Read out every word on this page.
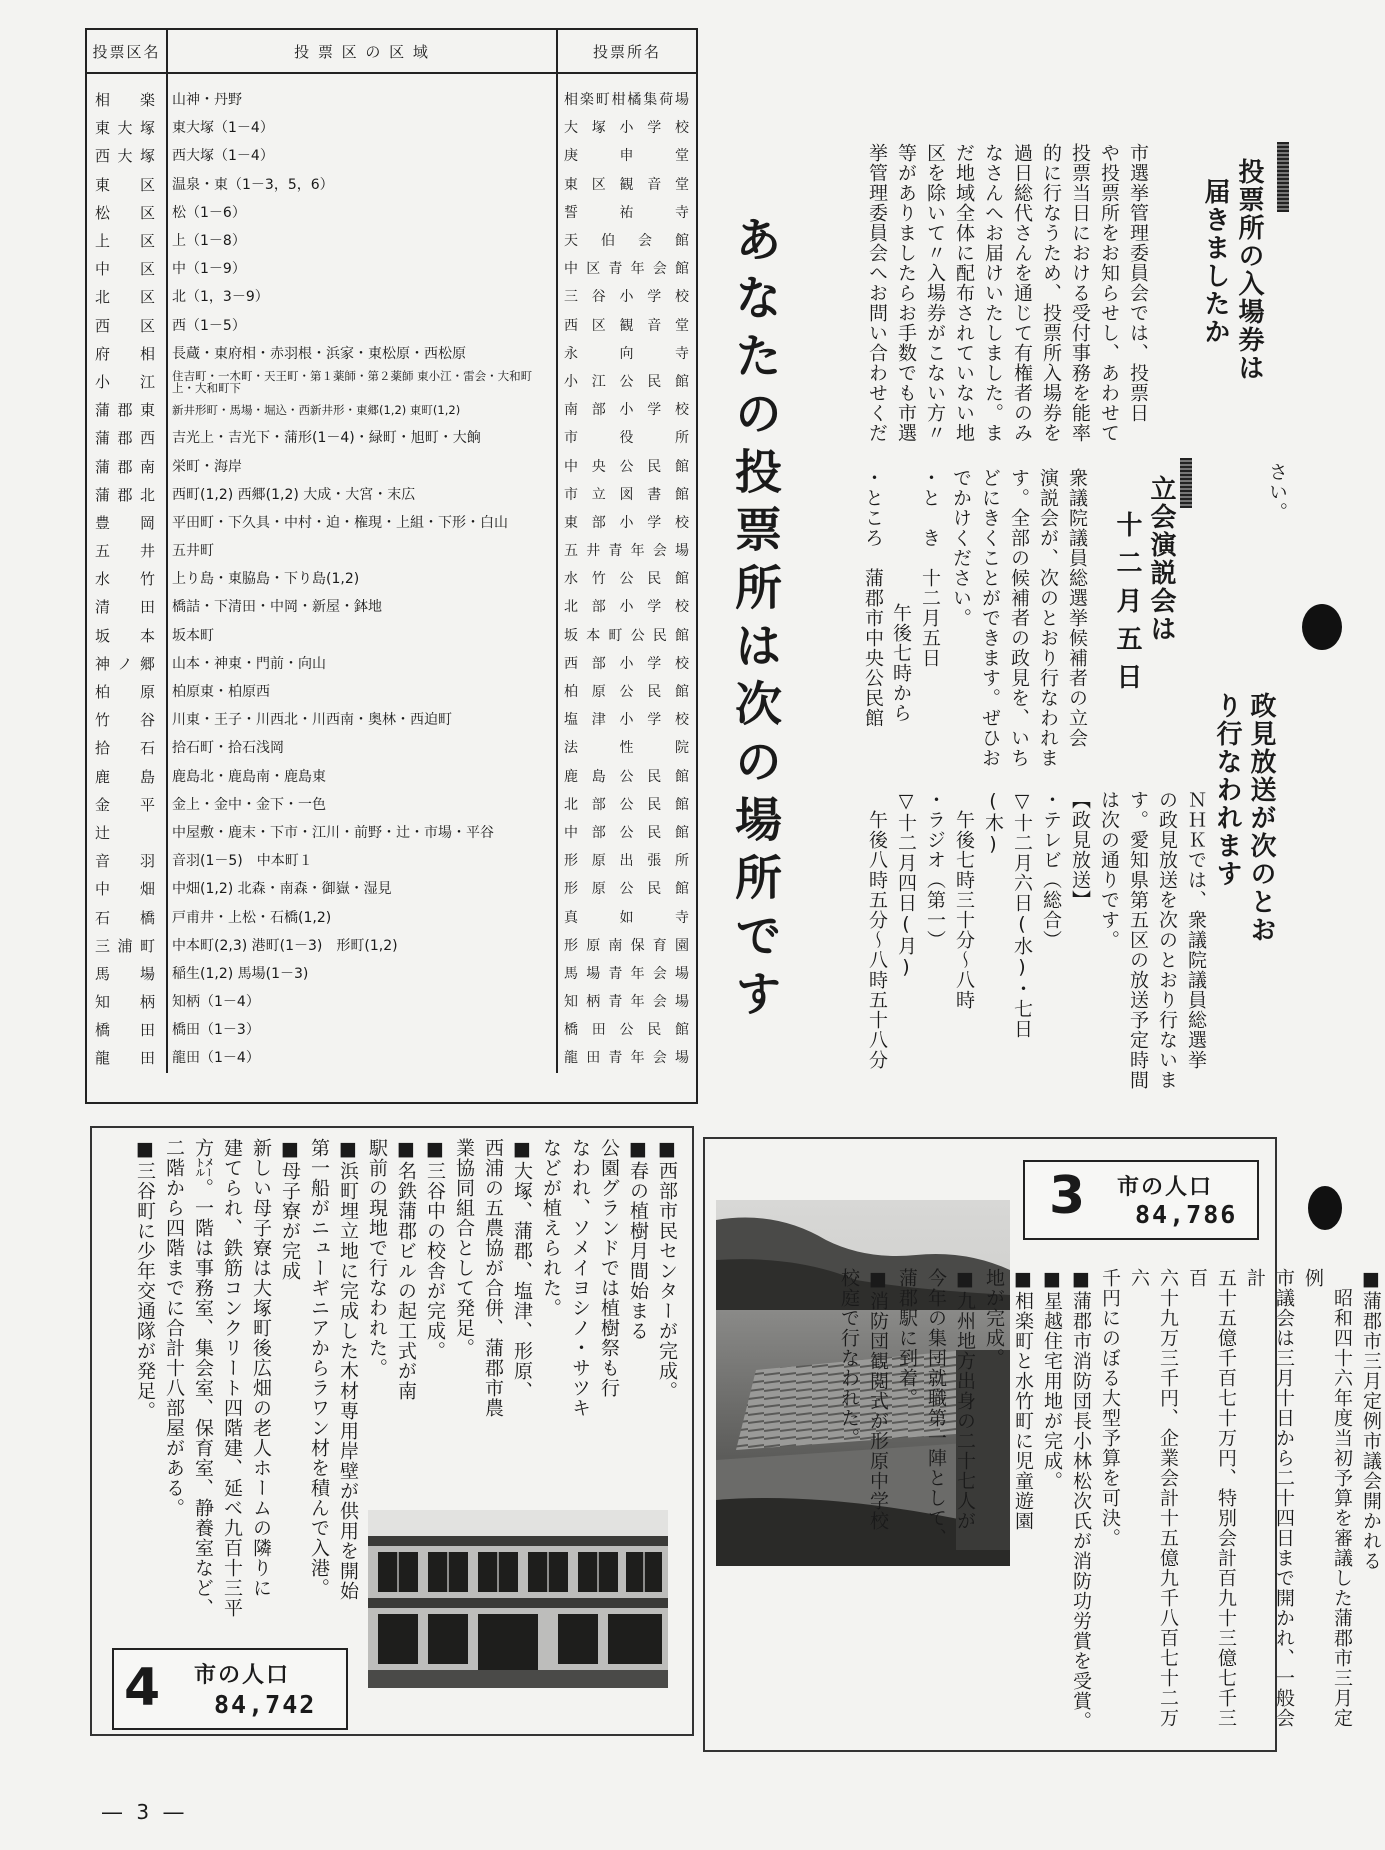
投票区名	投 票 区 の 区 域	投票所名

相楽	山神・丹野	相楽町柑橘集荷場
東大塚	東大塚（1－4）	大塚小学校
西大塚	西大塚（1－4）	庚申堂
東区	温泉・東（1－3，5，6）	東区観音堂
松区	松（1－6）	誓祐寺
上区	上（1－8）	天伯会館
中区	中（1－9）	中区青年会館
北区	北（1，3－9）	三谷小学校
西区	西（1－5）	西区観音堂
府相	長蔵・東府相・赤羽根・浜家・東松原・西松原	永向寺
小江	住吉町・一木町・天王町・第１薬師・第２薬師 東小江・雷会・大和町上・大和町下	小江公民館
蒲郡東	新井形町・馬場・堀込・西新井形・東郷(1,2) 東町(1,2)	南部小学校
蒲郡西	吉光上・吉光下・蒲形(1－4)・緑町・旭町・大餉	市役所
蒲郡南	栄町・海岸	中央公民館
蒲郡北	西町(1,2) 西郷(1,2) 大成・大宮・末広	市立図書館
豊岡	平田町・下久具・中村・迫・権現・上組・下形・白山	東部小学校
五井	五井町	五井青年会場
水竹	上り島・東脇島・下り島(1,2)	水竹公民館
清田	橋詰・下清田・中岡・新屋・鉢地	北部小学校
坂本	坂本町	坂本町公民館
神ノ郷	山本・神東・門前・向山	西部小学校
柏原	柏原東・柏原西	柏原公民館
竹谷	川東・王子・川西北・川西南・奥林・西迫町	塩津小学校
拾石	拾石町・拾石浅岡	法性院
鹿島	鹿島北・鹿島南・鹿島東	鹿島公民館
金平	金上・金中・金下・一色	北部公民館
辻	中屋敷・鹿末・下市・江川・前野・辻・市場・平谷	中部公民館
音羽	音羽(1－5)　中本町１	形原出張所
中畑	中畑(1,2) 北森・南森・御嶽・湿見	形原公民館
石橋	戸甫井・上松・石橋(1,2)	真如寺
三浦町	中本町(2,3) 港町(1－3)　形町(1,2)	形原南保育園
馬場	稲生(1,2) 馬場(1－3)	馬場青年会場
知柄	知柄（1－4）	知柄青年会場
橋田	橋田（1－3）	橋田公民館
龍田	龍田（1－4）	龍田青年会場
あなたの投票所は次の場所です	投票所の入場券は
届きましたか
市選挙管理委員会では、投票日
や投票所をお知らせし、あわせて
投票当日における受付事務を能率
的に行なうため、投票所入場券を
過日総代さんを通じて有権者のみ
なさんへお届けいたしました。ま
だ地域全体に配布されていない地
区を除いて〃入場券がこない方〃
等がありましたらお手数でも市選
挙管理委員会へお問い合わせくだ
さい。
立会演説会は
十二月五日
衆議院議員総選挙候補者の立会
演説会が、次のとおり行なわれま
す。全部の候補者の政見を、いち
どにきくことができます。ぜひお
でかけください。
・と　き　十二月五日
午後七時から
・ところ　蒲郡市中央公民館
政見放送が次のとお
り行なわれます
ＮＨＫでは、衆議院議員総選挙
の政見放送を次のとおり行ないま
す。愛知県第五区の放送予定時間
は次の通りです。
【政見放送】
・テレビ（総合）
▽十二月六日(水)・七日(木)
　午後七時三十分～八時
・ラジオ（第一）
▽十二月四日(月)
　午後八時五分～八時五十八分
3 市の人口
84,786
■蒲郡市三月定例市議会開かれる
　昭和四十六年度当初予算を審議した蒲郡市三月定例
市議会は三月十日から二十四日まで開かれ、一般会計
五十五億千百七十万円、特別会計百九十三億七千三百
六十九万三千円、企業会計十五億九千八百七十二万六
千円にのぼる大型予算を可決。
■蒲郡市消防団長小林松次氏が消防功労賞を受賞。
■星越住宅用地が完成。
■相楽町と水竹町に児童遊園
地が完成。
■九州地方出身の二十七人が
今年の集団就職第一陣として、
蒲郡駅に到着。
■消防団観閲式が形原中学校
校庭で行なわれた。
■西部市民センターが完成。
■春の植樹月間始まる
公園グランドでは植樹祭も行
なわれ、ソメイヨシノ・サツキ
などが植えられた。
■大塚、蒲郡、塩津、形原、
西浦の五農協が合併、蒲郡市農
業協同組合として発足。
■三谷中の校舎が完成。
■名鉄蒲郡ビルの起工式が南
駅前の現地で行なわれた。
■浜町埋立地に完成した木材専用岸壁が供用を開始
第一船がニューギニアからラワン材を積んで入港。
■母子寮が完成
新しい母子寮は大塚町後広畑の老人ホームの隣りに
建てられ、鉄筋コンクリート四階建、延べ九百十三平
方㍍。一階は事務室、集会室、保育室、静養室など、
二階から四階までに合計十八部屋がある。
■三谷町に少年交通隊が発足。
4 市の人口
84,742
― 3 ―
